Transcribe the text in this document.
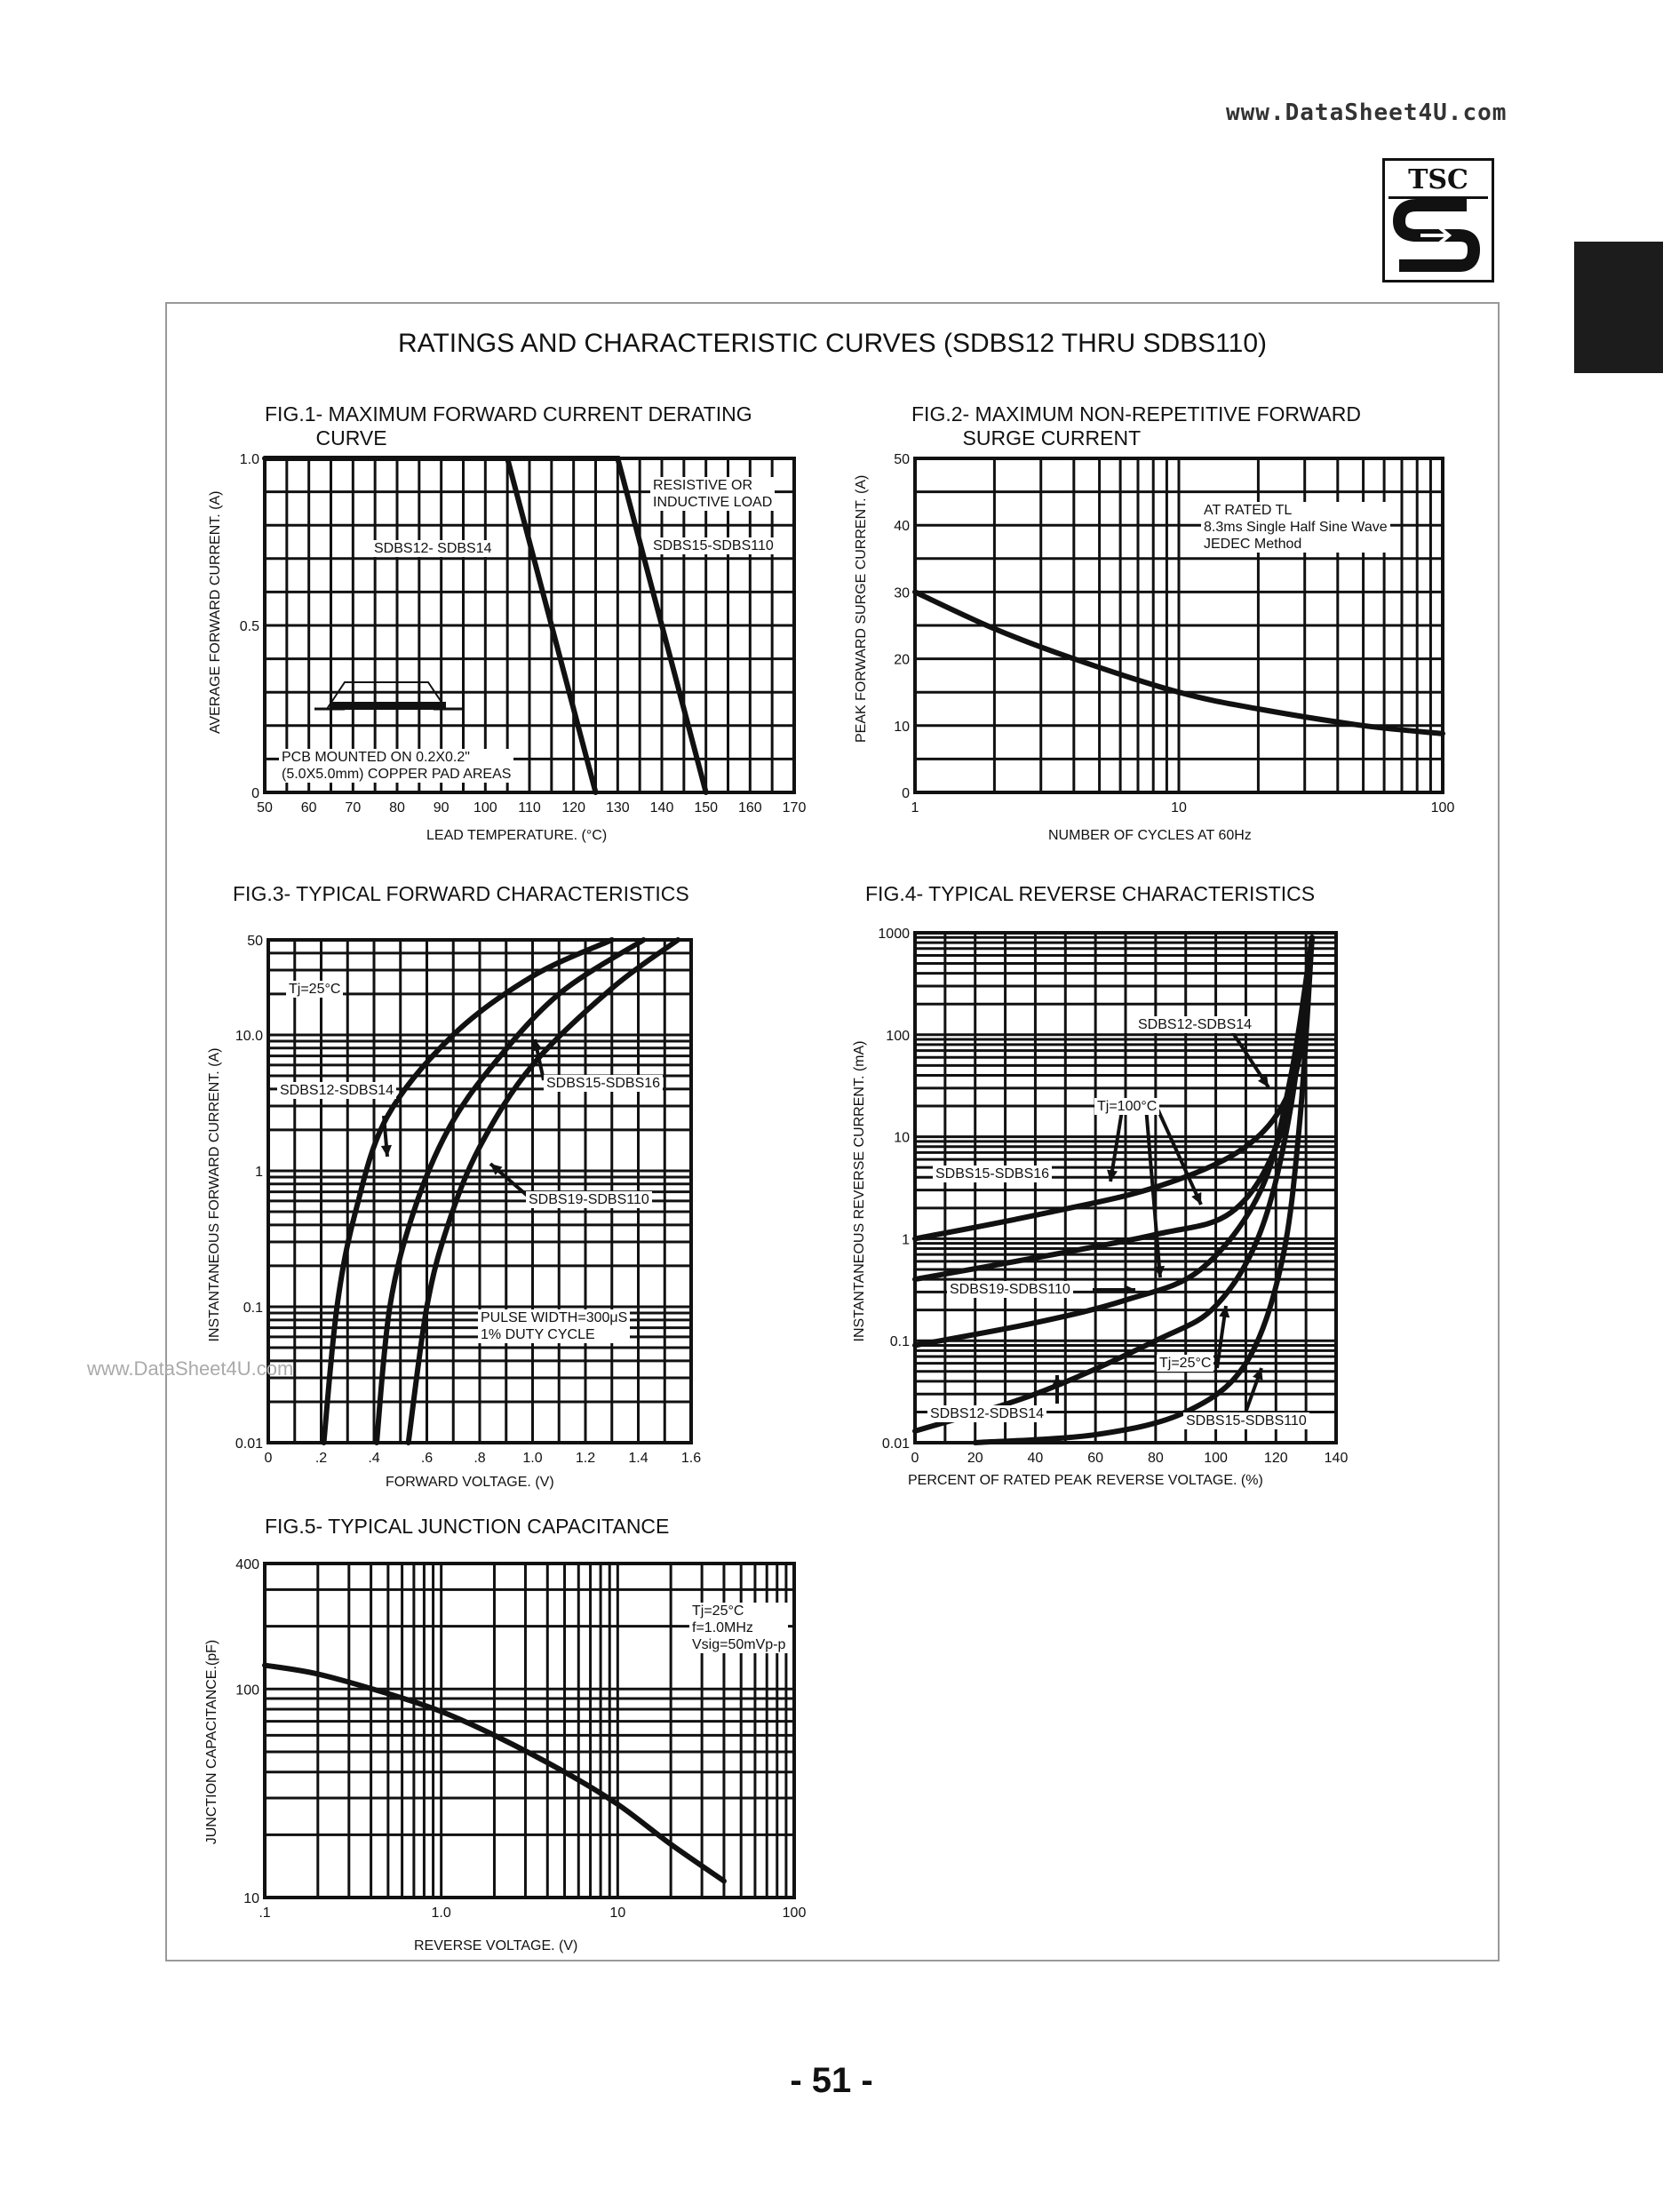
www.DataSheet4U.com
TSC
RATINGS AND CHARACTERISTIC CURVES (SDBS12 THRU SDBS110)
FIG.1- MAXIMUM FORWARD CURRENT DERATING
CURVE
50 60 70 80 90 100 110 120 130 140 150 160 170
0
0.5
1.0
1	10	100
0
10
20
30
40
50
0	.2	.4	.6	.8	1.0 1.2 1.4 1.6
0.01
0.1
1
10.0
50
0	20	40	60	80	100	120	140
0.01
0.1
1
10
100
1000
.1	1.0	10	100
10
100
400
RESISTIVE OR
INDUCTIVE LOAD
SDBS12- SDBS14	SDBS15-SDBS110
PCB MOUNTED ON 0.2X0.2"
(5.0X5.0mm) COPPER PAD AREAS
LEAD TEMPERATURE. (°C)
AVERAGE FORWARD CURRENT. (A)
FIG.2- MAXIMUM NON-REPETITIVE FORWARD
SURGE CURRENT
AT RATED TL
8.3ms Single Half Sine Wave
JEDEC Method
NUMBER OF CYCLES AT 60Hz
PEAK FORWARD SURGE CURRENT. (A)
FIG.3- TYPICAL FORWARD CHARACTERISTICS
Tj=25°C
SDBS12-SDBS14	SDBS15-SDBS16
SDBS19-SDBS110
PULSE WIDTH=300μS
1% DUTY CYCLE
FORWARD VOLTAGE. (V)
INSTANTANEOUS FORWARD CURRENT. (A)
FIG.4- TYPICAL REVERSE CHARACTERISTICS
SDBS12-SDBS14
Tj=100°C
SDBS15-SDBS16
SDBS19-SDBS110
Tj=25°C
SDBS12-SDBS14	SDBS15-SDBS110
PERCENT OF RATED PEAK REVERSE VOLTAGE. (%)
INSTANTANEOUS REVERSE CURRENT. (mA)
FIG.5- TYPICAL JUNCTION CAPACITANCE
Tj=25°C
f=1.0MHz
Vsig=50mVp-p
REVERSE VOLTAGE. (V)
JUNCTION CAPACITANCE.(pF)
www.DataSheet4U.com
- 51 -
